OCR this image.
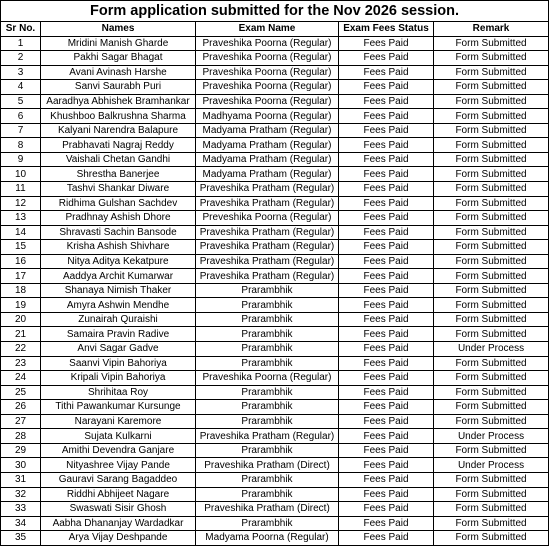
Form application submitted for the Nov 2026 session.				
Sr No.	Names	Exam Name	Exam Fees Status	Remark
1	Mridini Manish Gharde	Praveshika Poorna (Regular)	Fees Paid	Form Submitted
2	Pakhi Sagar Bhagat	Praveshika Poorna (Regular)	Fees Paid	Form Submitted
3	Avani Avinash Harshe	Praveshika Poorna (Regular)	Fees Paid	Form Submitted
4	Sanvi Saurabh Puri	Praveshika Poorna (Regular)	Fees Paid	Form Submitted
5	Aaradhya Abhishek Bramhankar	Praveshika Poorna (Regular)	Fees Paid	Form Submitted
6	Khushboo Balkrushna Sharma	Madhyama Poorna (Regular)	Fees Paid	Form Submitted
7	Kalyani Narendra Balapure	Madyama Pratham (Regular)	Fees Paid	Form Submitted
8	Prabhavati Nagraj Reddy	Madyama Pratham (Regular)	Fees Paid	Form Submitted
9	Vaishali Chetan Gandhi	Madyama Pratham (Regular)	Fees Paid	Form Submitted
10	Shrestha Banerjee	Madyama Pratham (Regular)	Fees Paid	Form Submitted
11	Tashvi Shankar Diware	Praveshika Pratham (Regular)	Fees Paid	Form Submitted
12	Ridhima Gulshan Sachdev	Praveshika Pratham (Regular)	Fees Paid	Form Submitted
13	Pradhnay Ashish Dhore	Preveshika Poorna (Regular)	Fees Paid	Form Submitted
14	Shravasti Sachin Bansode	Praveshika Pratham (Regular)	Fees Paid	Form Submitted
15	Krisha Ashish Shivhare	Praveshika Pratham (Regular)	Fees Paid	Form Submitted
16	Nitya Aditya Kekatpure	Praveshika Pratham (Regular)	Fees Paid	Form Submitted
17	Aaddya Archit Kumarwar	Praveshika Pratham (Regular)	Fees Paid	Form Submitted
18	Shanaya Nimish Thaker	Prarambhik	Fees Paid	Form Submitted
19	Amyra Ashwin Mendhe	Prarambhik	Fees Paid	Form Submitted
20	Zunairah Quraishi	Prarambhik	Fees Paid	Form Submitted
21	Samaira Pravin Radive	Prarambhik	Fees Paid	Form Submitted
22	Anvi Sagar Gadve	Prarambhik	Fees Paid	Under Process
23	Saanvi Vipin Bahoriya	Prarambhik	Fees Paid	Form Submitted
24	Kripali Vipin Bahoriya	Praveshika Poorna (Regular)	Fees Paid	Form Submitted
25	Shrihitaa Roy	Prarambhik	Fees Paid	Form Submitted
26	Tithi Pawankumar Kursunge	Prarambhik	Fees Paid	Form Submitted
27	Narayani Karemore	Prarambhik	Fees Paid	Form Submitted
28	Sujata Kulkarni	Praveshika Pratham (Regular)	Fees Paid	Under Process
29	Amithi Devendra Ganjare	Prarambhik	Fees Paid	Form Submitted
30	Nityashree Vijay Pande	Praveshika Pratham (Direct)	Fees Paid	Under Process
31	Gauravi Sarang Bagaddeo	Prarambhik	Fees Paid	Form Submitted
32	Riddhi Abhijeet Nagare	Prarambhik	Fees Paid	Form Submitted
33	Swaswati Sisir Ghosh	Praveshika Pratham (Direct)	Fees Paid	Form Submitted
34	Aabha Dhananjay Wardadkar	Prarambhik	Fees Paid	Form Submitted
35	Arya Vijay Deshpande	Madyama Poorna (Regular)	Fees Paid	Form Submitted
